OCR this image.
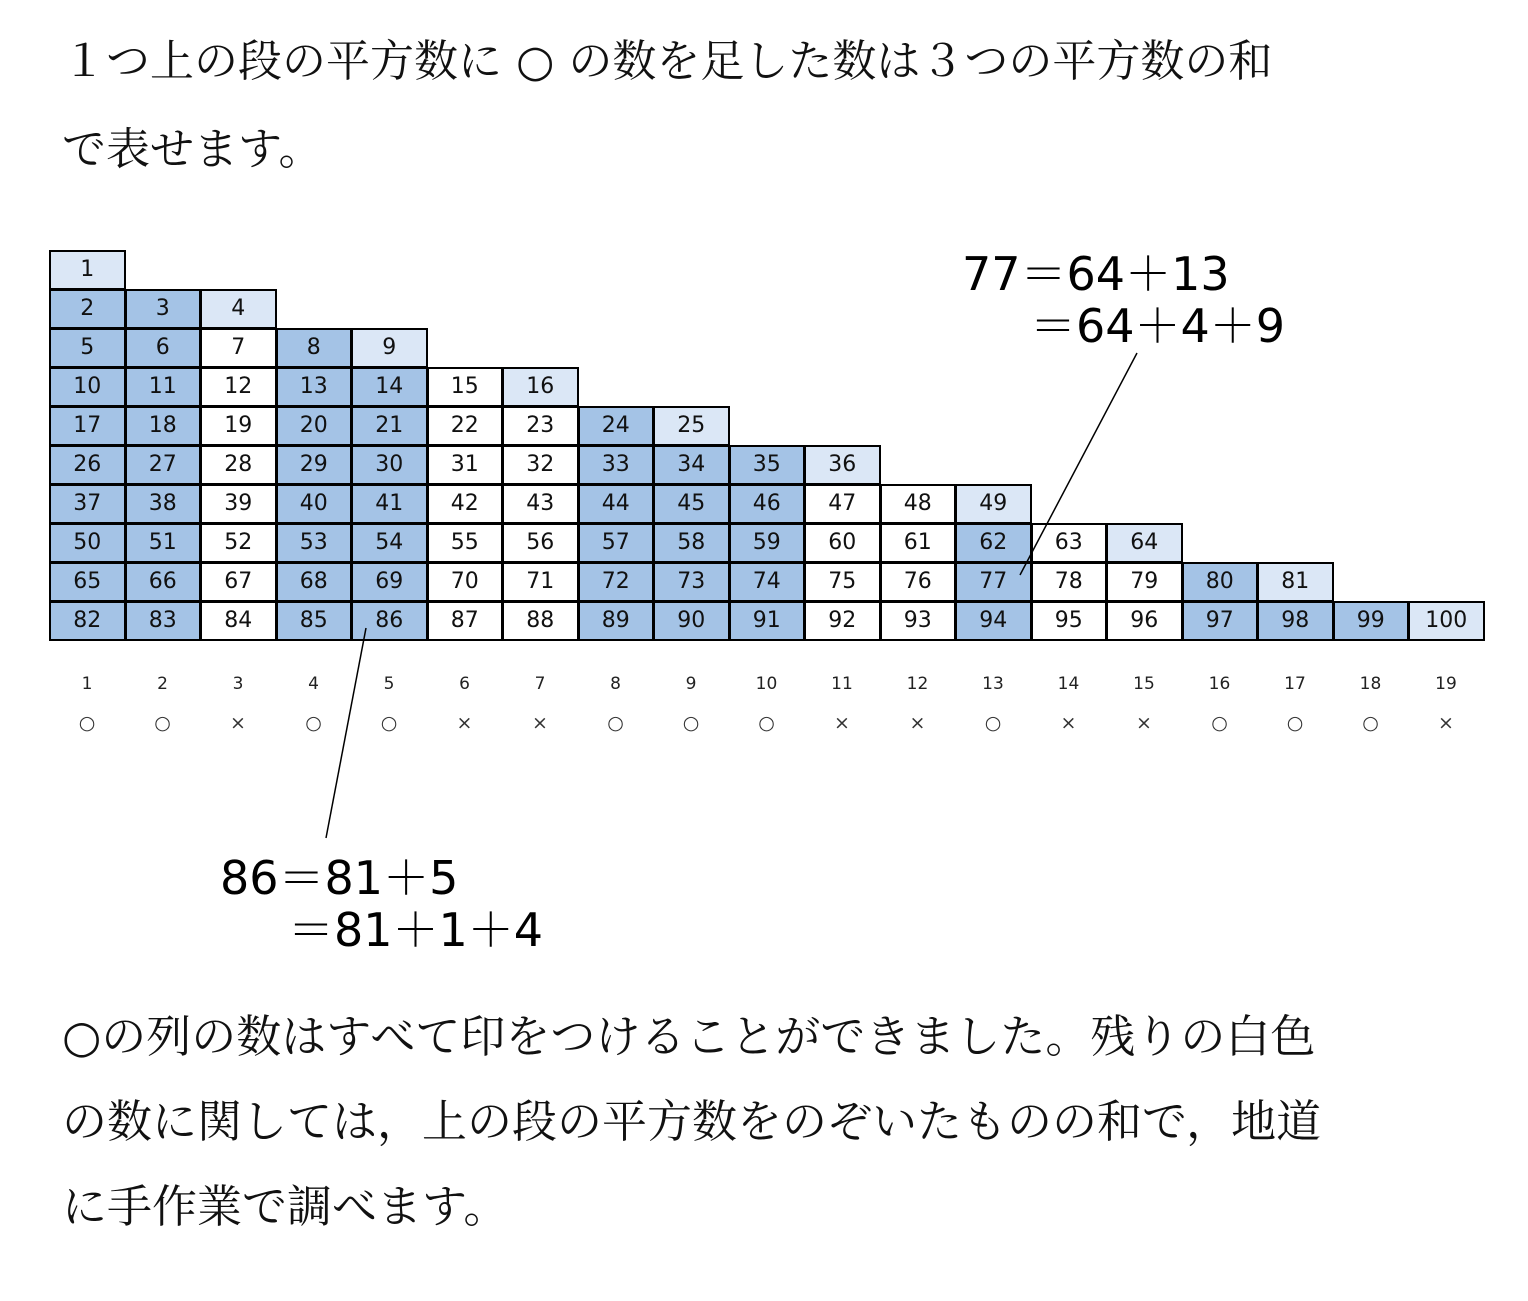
１つ上の段の平方数に ○ の数を足した数は３つの平方数の和

で表せます。

1
2	3	4
5	6	7	8	9
10	11	12	13	14	15	16
17	18	19	20	21	22	23	24	25
26	27	28	29	30	31	32	33	34	35	36
37	38	39	40	41	42	43	44	45	46	47	48	49
50	51	52	53	54	55	56	57	58	59	60	61	62	63	64
65	66	67	68	69	70	71	72	73	74	75	76	77	78	79	80	81
82	83	84	85	86	87	88	89	90	91	92	93	94	95	96	97	98	99	100
1	2	3	4	5	6	7	8	9	10	11	12	13	14	15	16	17	18	19
○	○	×	○	○	×	×	○	○	○	×	×	○	×	×	○	○	○	×

77＝64＋13

＝64＋4＋9

86＝81＋5

＝81＋1＋4

○の列の数はすべて印をつけることができました。残りの白色

の数に関しては，上の段の平方数をのぞいたものの和で，地道

に手作業で調べます。
